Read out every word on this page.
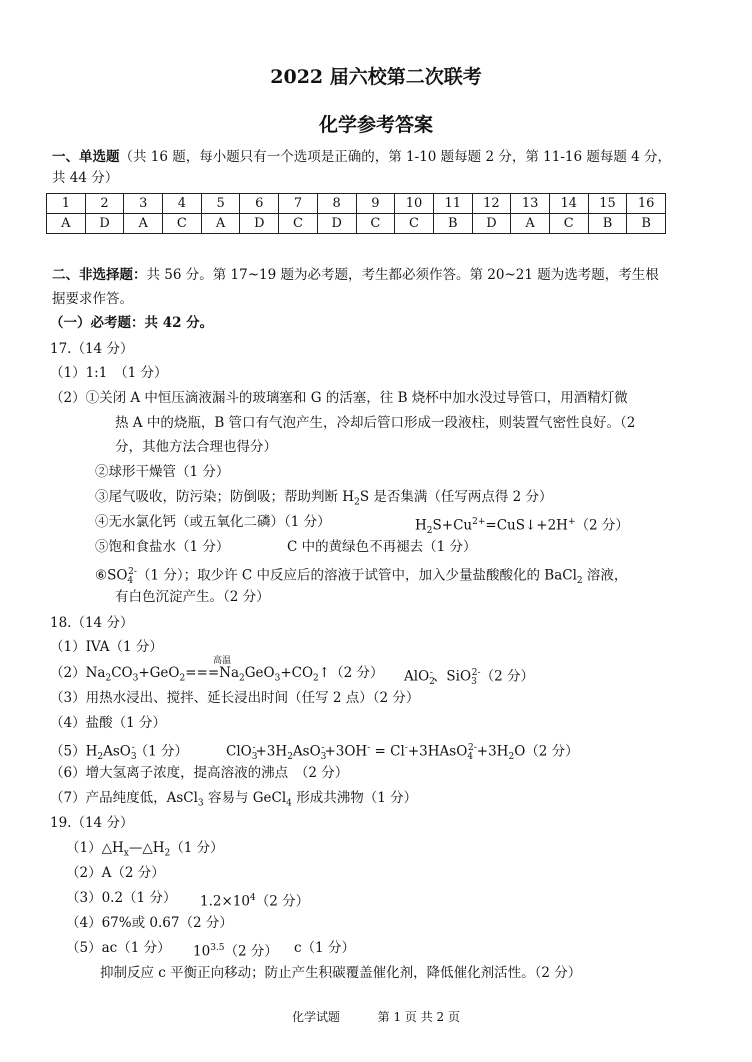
2022 届六校第二次联考
化学参考答案
一、单选题（共 16 题，每小题只有一个选项是正确的，第 1-10 题每题 2 分，第 11-16 题每题 4 分，
共 44 分）
1	2	3	4	5	6	7	8	9	10	11	12	13	14	15	16
A	D	A	C	A	D	C	D	C	C	B	D	A	C	B	B
二、非选择题：共 56 分。第 17~19 题为必考题，考生都必须作答。第 20~21 题为选考题，考生根
据要求作答。
（一）必考题：共 42 分。
17.（14 分）
（1）1:1　（1 分）
（2）①关闭 A 中恒压滴液漏斗的玻璃塞和 G 的活塞，往 B 烧杯中加水没过导管口，用酒精灯微
热 A 中的烧瓶，B 管口有气泡产生，冷却后管口形成一段液柱，则装置气密性良好。（2
分，其他方法合理也得分）
②球形干燥管（1 分）
③尾气吸收，防污染；防倒吸；帮助判断 $H_2S$ 是否集满（任写两点得 2 分）
④无水氯化钙（或五氧化二磷）（1 分）	$H_2S+Cu^{2+}=CuS↓+2H^+(2$ 分）
⑤饱和食盐水（1 分）	C 中的黄绿色不再褪去（1 分）
$⑥SO_4^{2-}(1$ 分）；取少许 C 中反应后的溶液于试管中，加入少量盐酸酸化的 BaCl$_2$ 溶液，
有白色沉淀产生。（2 分）
18.（14 分）
（1）IVA（1 分）
高温
$(2)Na_2CO_3+GeO_2===Na_2GeO_3+CO_2↑(2$ 分） AlO$_2$-、SiO$_3^{2-}$（2 分）
（3）用热水浸出、搅拌、延长浸出时间（任写 2 点）（2 分）
（4）盐酸（1 分）
$(5)H_2AsO_3^-(1$ 分）	$ClO_3^-+3H_2AsO_3^-+3OH^-$ = $Cl^-+3HAsO_4^{2-}+3H_2O(2$ 分）
（6）增大氢离子浓度，提高溶液的沸点　（2 分）
（7）产品纯度低，AsCl$_3$ 容易与 GeCl$_4$ 形成共沸物（1 分）
19.（14 分）
$(1)\triangle H_x—\triangle H_2(1$ 分）
（2）A（2 分）
（3）0.2（1 分） $1.2\times 10^4(2$ 分）
（4）67%或 0.67（2 分）
（5）ac（1 分） $10^{3.5}(2$ 分） c（1 分）
抑制反应 c 平衡正向移动；防止产生积碳覆盖催化剂，降低催化剂活性。（2 分）
化学试题	第 1 页 共 2 页
